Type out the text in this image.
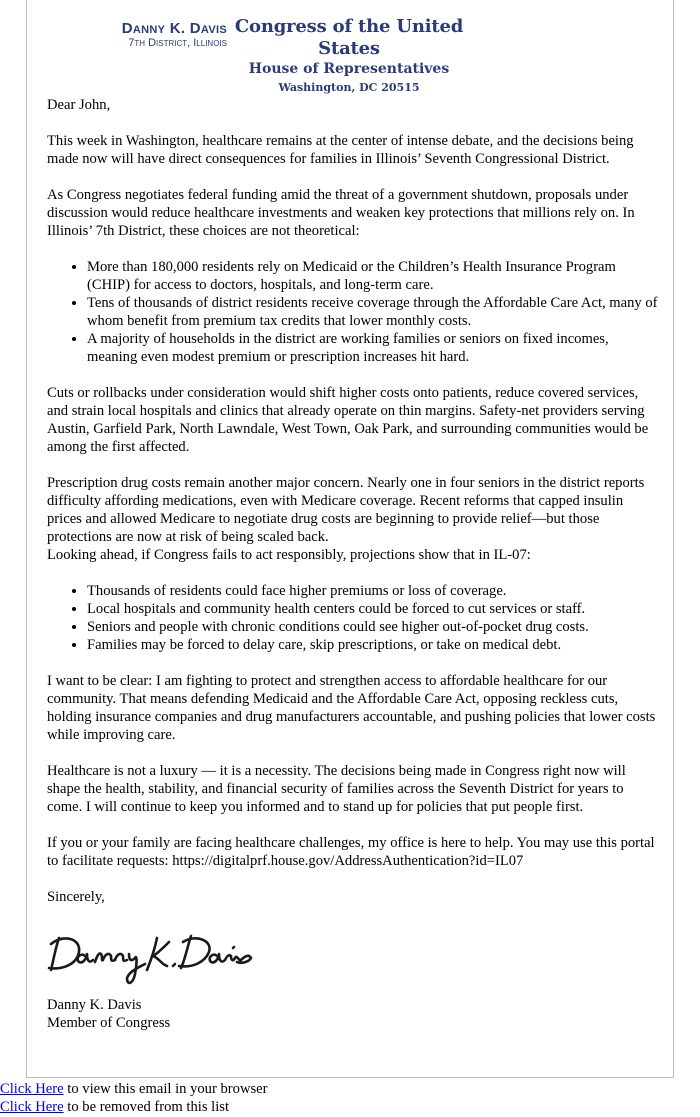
Danny K. Davis
7th District, Illinois
Congress of the United States
House of Representatives
Washington, DC 20515

Dear John,

This week in Washington, healthcare remains at the center of intense debate, and the decisions being made now will have direct consequences for families in Illinois’ Seventh Congressional District.

As Congress negotiates federal funding amid the threat of a government shutdown, proposals under discussion would reduce healthcare investments and weaken key protections that millions rely on. In Illinois’ 7th District, these choices are not theoretical:

• More than 180,000 residents rely on Medicaid or the Children’s Health Insurance Program (CHIP) for access to doctors, hospitals, and long-term care.
• Tens of thousands of district residents receive coverage through the Affordable Care Act, many of whom benefit from premium tax credits that lower monthly costs.
• A majority of households in the district are working families or seniors on fixed incomes, meaning even modest premium or prescription increases hit hard.

Cuts or rollbacks under consideration would shift higher costs onto patients, reduce covered services, and strain local hospitals and clinics that already operate on thin margins. Safety-net providers serving Austin, Garfield Park, North Lawndale, West Town, Oak Park, and surrounding communities would be among the first affected.

Prescription drug costs remain another major concern. Nearly one in four seniors in the district reports difficulty affording medications, even with Medicare coverage. Recent reforms that capped insulin prices and allowed Medicare to negotiate drug costs are beginning to provide relief—but those protections are now at risk of being scaled back.

Looking ahead, if Congress fails to act responsibly, projections show that in IL-07:

• Thousands of residents could face higher premiums or loss of coverage.
• Local hospitals and community health centers could be forced to cut services or staff.
• Seniors and people with chronic conditions could see higher out-of-pocket drug costs.
• Families may be forced to delay care, skip prescriptions, or take on medical debt.

I want to be clear: I am fighting to protect and strengthen access to affordable healthcare for our community. That means defending Medicaid and the Affordable Care Act, opposing reckless cuts, holding insurance companies and drug manufacturers accountable, and pushing policies that lower costs while improving care.

Healthcare is not a luxury — it is a necessity. The decisions being made in Congress right now will shape the health, stability, and financial security of families across the Seventh District for years to come. I will continue to keep you informed and to stand up for policies that put people first.

If you or your family are facing healthcare challenges, my office is here to help. You may use this portal to facilitate requests: https://digitalprf.house.gov/AddressAuthentication?id=IL07

Sincerely,

Danny K. Davis

Member of Congress

Click Here to view this email in your browser
Click Here to be removed from this list
